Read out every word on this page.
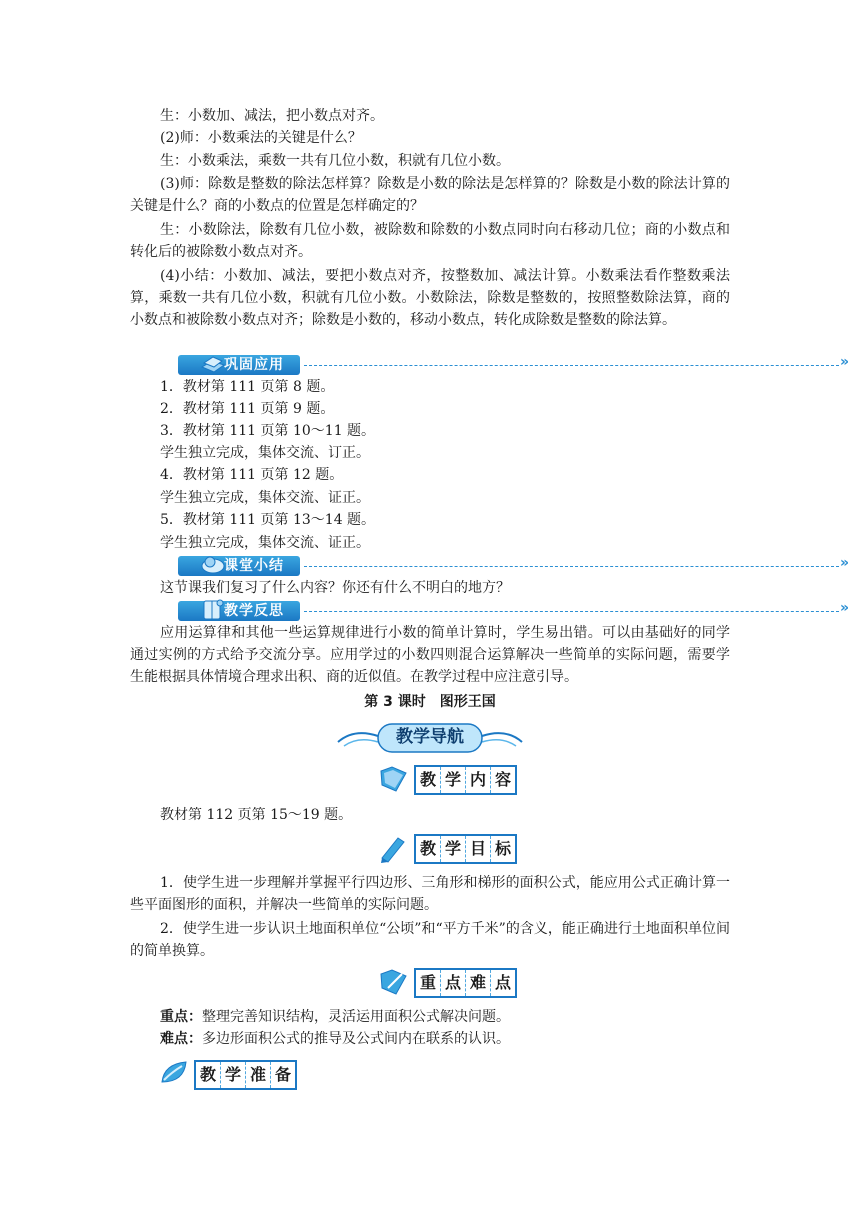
生：小数加、减法，把小数点对齐。
(2)师：小数乘法的关键是什么？
生：小数乘法，乘数一共有几位小数，积就有几位小数。
(3)师：除数是整数的除法怎样算？除数是小数的除法是怎样算的？除数是小数的除法计算的关键是什么？商的小数点的位置是怎样确定的？
生：小数除法，除数有几位小数，被除数和除数的小数点同时向右移动几位；商的小数点和转化后的被除数小数点对齐。
(4)小结：小数加、减法，要把小数点对齐，按整数加、减法计算。小数乘法看作整数乘法算，乘数一共有几位小数，积就有几位小数。小数除法，除数是整数的，按照整数除法算，商的小数点和被除数小数点对齐；除数是小数的，移动小数点，转化成除数是整数的除法算。
巩固应用	»
1．教材第 111 页第 8 题。
2．教材第 111 页第 9 题。
3．教材第 111 页第 10～11 题。
学生独立完成，集体交流、订正。
4．教材第 111 页第 12 题。
学生独立完成，集体交流、证正。
5．教材第 111 页第 13～14 题。
学生独立完成，集体交流、证正。
课堂小结	»
这节课我们复习了什么内容？你还有什么不明白的地方？
教学反思	»
应用运算律和其他一些运算规律进行小数的简单计算时，学生易出错。可以由基础好的同学通过实例的方式给予交流分享。应用学过的小数四则混合运算解决一些简单的实际问题，需要学生能根据具体情境合理求出积、商的近似值。在教学过程中应注意引导。
第 3 课时　图形王国
教学导航
教 学 内 容
教材第 112 页第 15～19 题。
教 学 目 标
1．使学生进一步理解并掌握平行四边形、三角形和梯形的面积公式，能应用公式正确计算一些平面图形的面积，并解决一些简单的实际问题。
2．使学生进一步认识土地面积单位“公顷”和“平方千米”的含义，能正确进行土地面积单位间的简单换算。
重 点 难 点
重点：整理完善知识结构，灵活运用面积公式解决问题。
难点：多边形面积公式的推导及公式间内在联系的认识。
教 学 准 备
